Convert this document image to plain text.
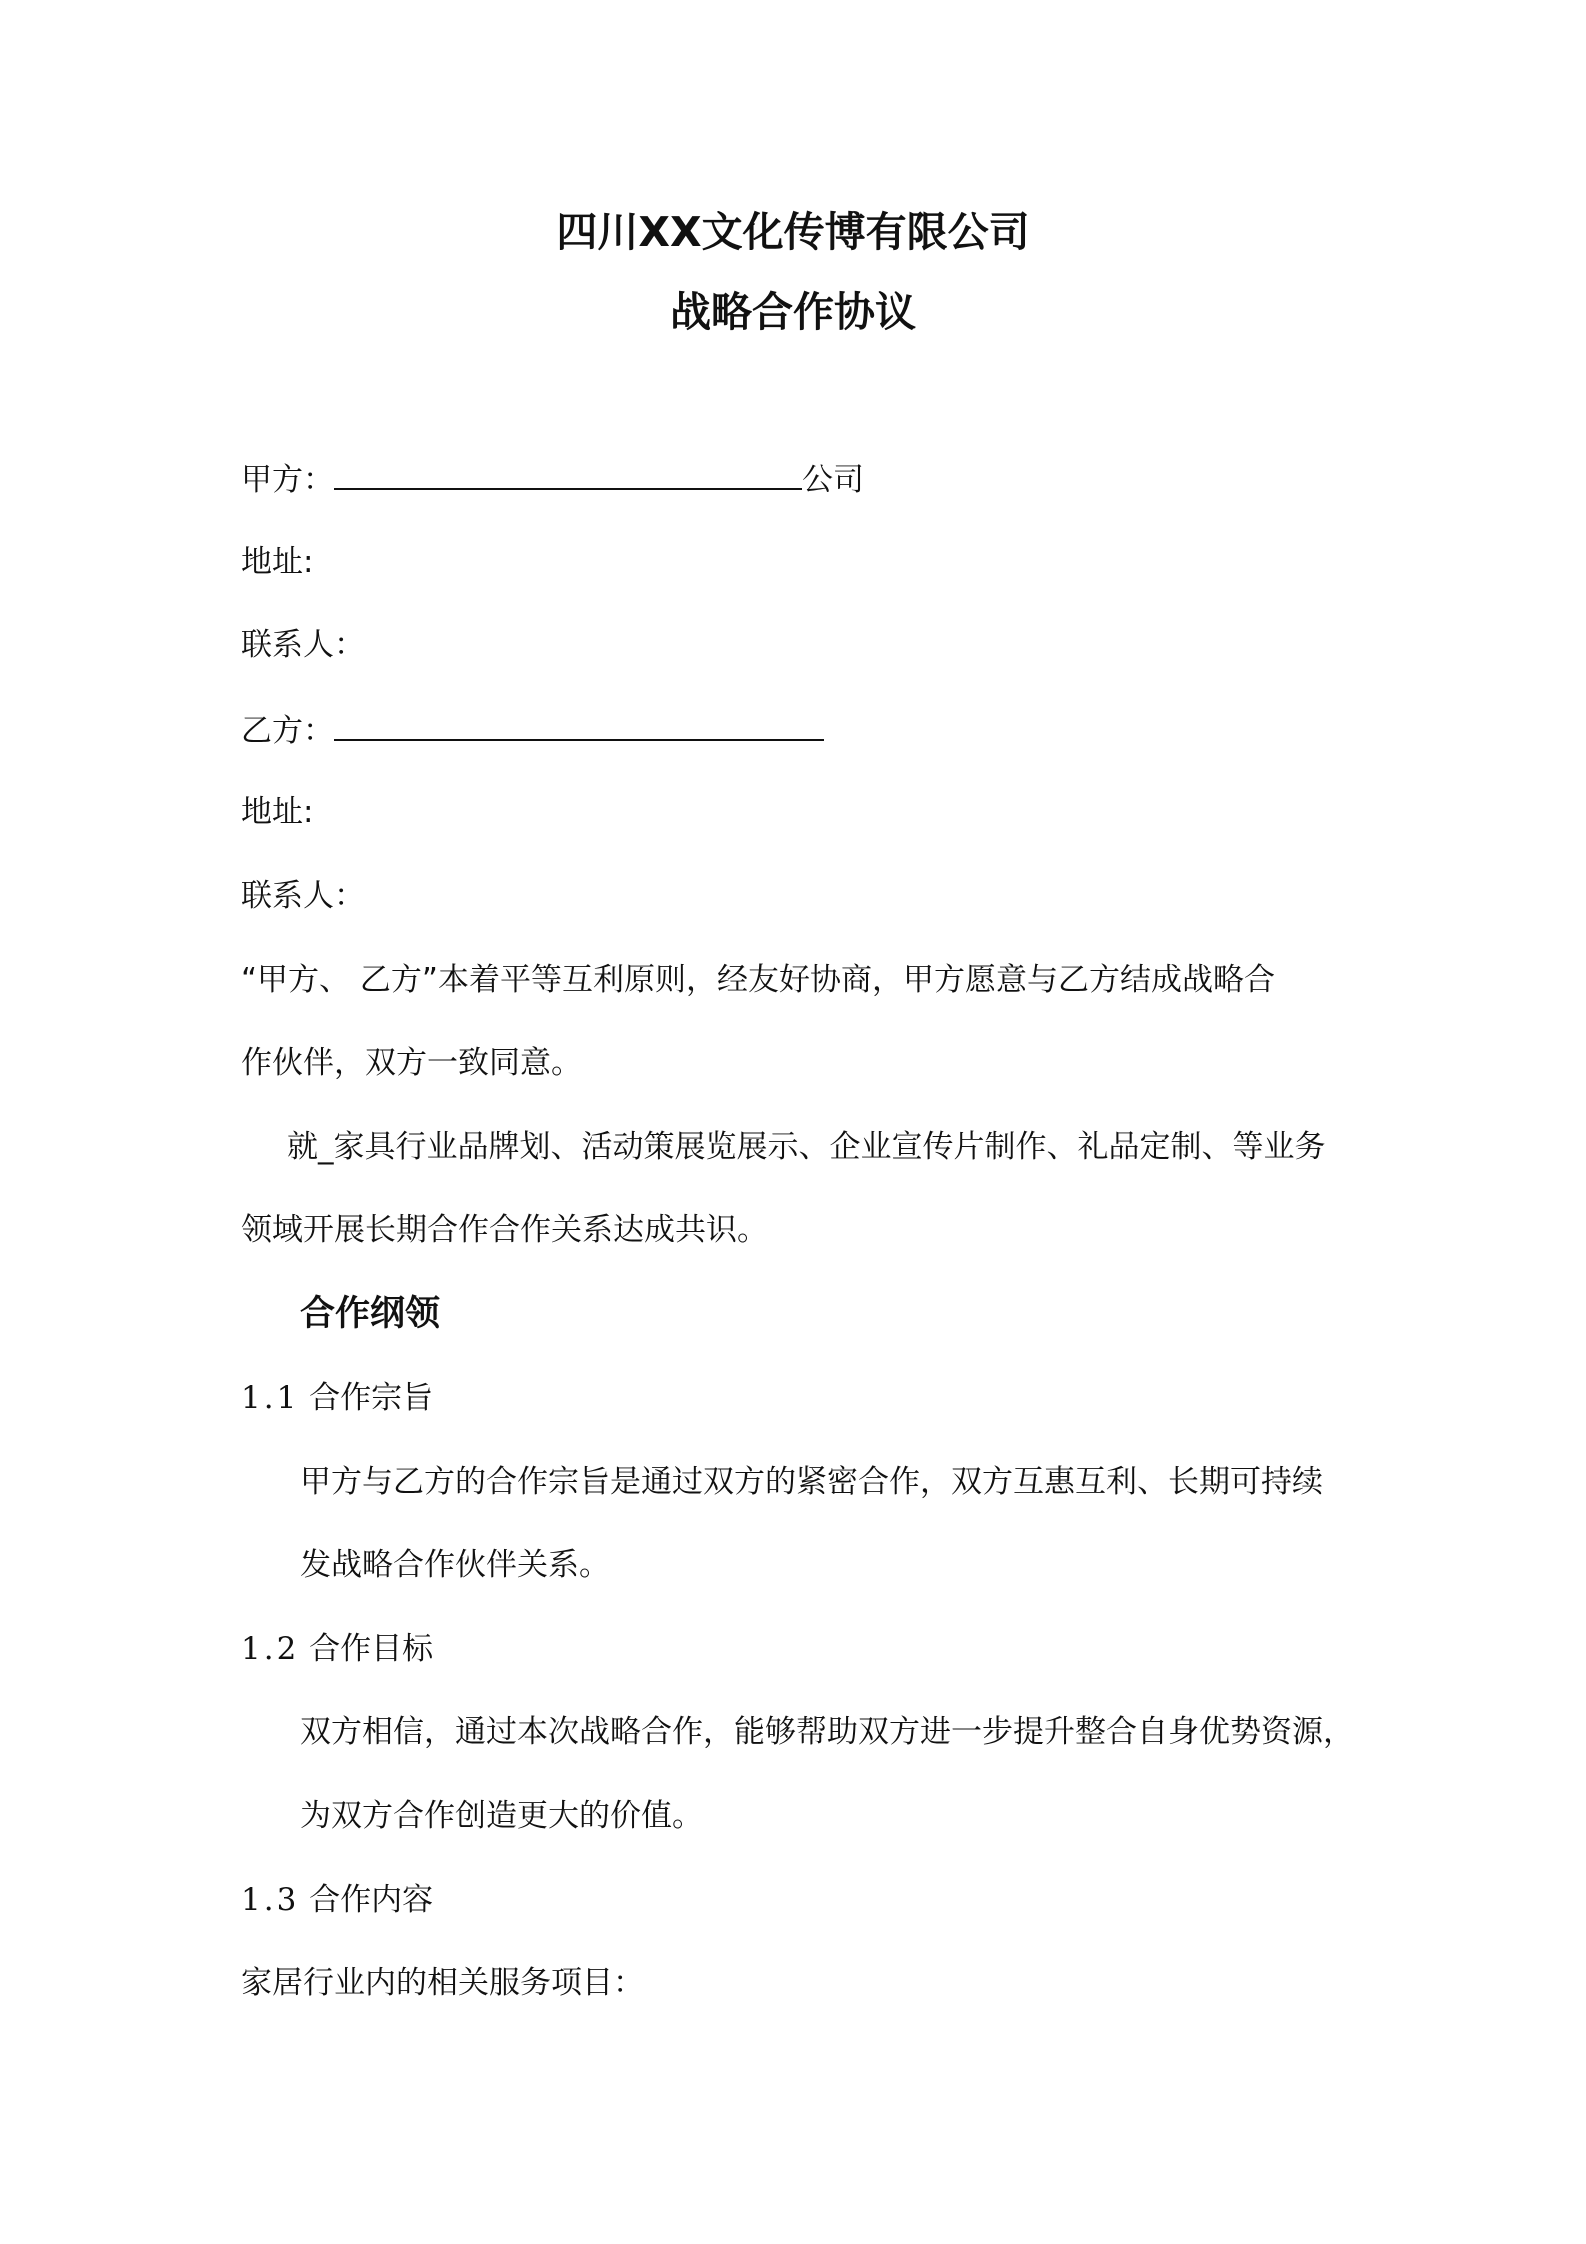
四川XX文化传博有限公司
战略合作协议
甲方：	公司
地址:
联系人：
乙方：
地址:
联系人：
“甲方、 乙方”本着平等互利原则，经友好协商，甲方愿意与乙方结成战略合
作伙伴，双方一致同意。
就_家具行业品牌划、活动策展览展示、企业宣传片制作、礼品定制、等业务
领域开展长期合作合作关系达成共识。
合作纲领
1.1 合作宗旨
甲方与乙方的合作宗旨是通过双方的紧密合作，双方互惠互利、长期可持续
发战略合作伙伴关系。
1.2 合作目标
双方相信，通过本次战略合作，能够帮助双方进一步提升整合自身优势资源，
为双方合作创造更大的价值。
1.3 合作内容
家居行业内的相关服务项目：
